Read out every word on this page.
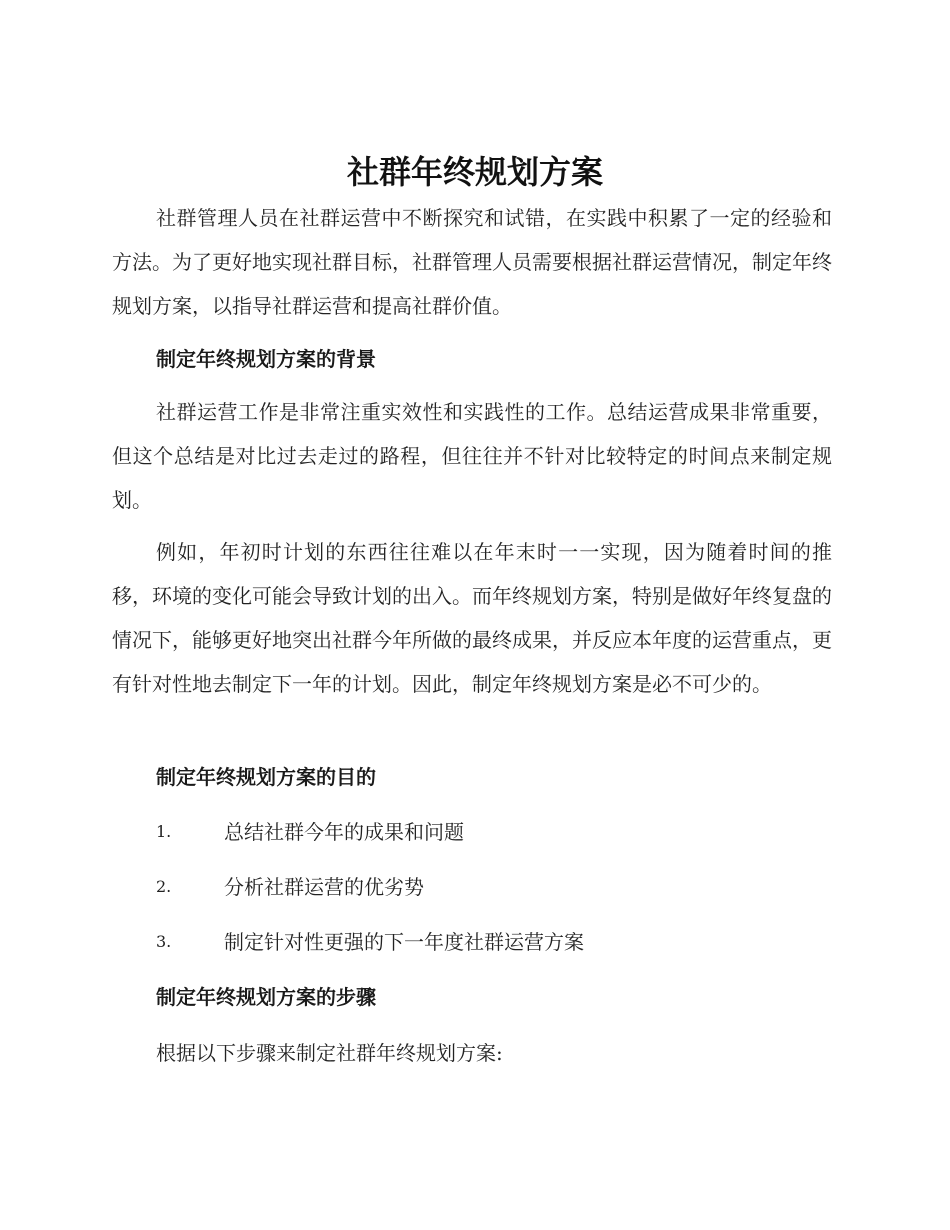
社群年终规划方案

社群管理人员在社群运营中不断探究和试错，在实践中积累了一定的经验和方法。为了更好地实现社群目标，社群管理人员需要根据社群运营情况，制定年终规划方案，以指导社群运营和提高社群价值。

制定年终规划方案的背景

社群运营工作是非常注重实效性和实践性的工作。总结运营成果非常重要，但这个总结是对比过去走过的路程，但往往并不针对比较特定的时间点来制定规划。

例如，年初时计划的东西往往难以在年末时一一实现，因为随着时间的推移，环境的变化可能会导致计划的出入。而年终规划方案，特别是做好年终复盘的情况下，能够更好地突出社群今年所做的最终成果，并反应本年度的运营重点，更有针对性地去制定下一年的计划。因此，制定年终规划方案是必不可少的。

制定年终规划方案的目的
1.	总结社群今年的成果和问题
2.	分析社群运营的优劣势
3.	制定针对性更强的下一年度社群运营方案
制定年终规划方案的步骤

根据以下步骤来制定社群年终规划方案:
